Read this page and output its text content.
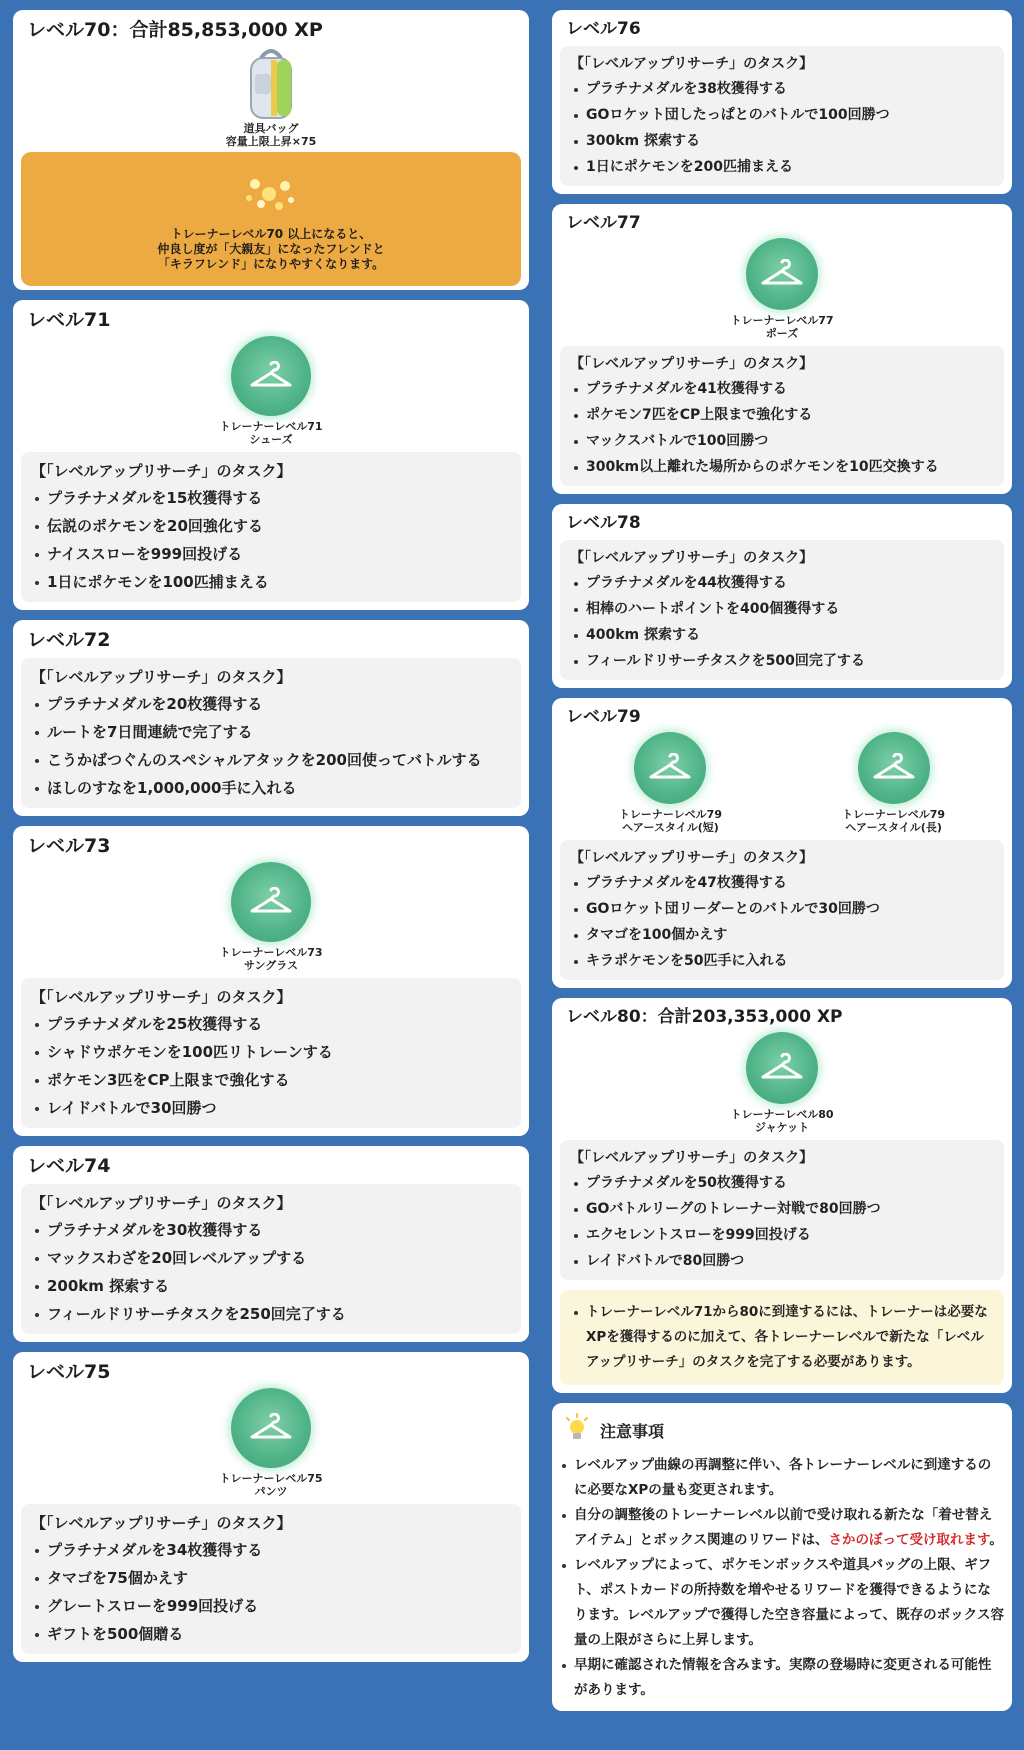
レベル70：合計85,853,000 XP
道具バッグ
容量上限上昇×75
トレーナーレベル70 以上になると、
仲良し度が「大親友」になったフレンドと
「キラフレンド」になりやすくなります。
レベル71
トレーナーレベル71
シューズ
【「レベルアップリサーチ」のタスク】
プラチナメダルを15枚獲得する
伝説のポケモンを20回強化する
ナイススローを999回投げる
1日にポケモンを100匹捕まえる
レベル72
【「レベルアップリサーチ」のタスク】
プラチナメダルを20枚獲得する
ルートを7日間連続で完了する
こうかばつぐんのスペシャルアタックを200回使ってバトルする
ほしのすなを1,000,000手に入れる
レベル73
トレーナーレベル73
サングラス
【「レベルアップリサーチ」のタスク】
プラチナメダルを25枚獲得する
シャドウポケモンを100匹リトレーンする
ポケモン3匹をCP上限まで強化する
レイドバトルで30回勝つ
レベル74
【「レベルアップリサーチ」のタスク】
プラチナメダルを30枚獲得する
マックスわざを20回レベルアップする
200km 探索する
フィールドリサーチタスクを250回完了する
レベル75
トレーナーレベル75
パンツ
【「レベルアップリサーチ」のタスク】
プラチナメダルを34枚獲得する
タマゴを75個かえす
グレートスローを999回投げる
ギフトを500個贈る
レベル76
【「レベルアップリサーチ」のタスク】
プラチナメダルを38枚獲得する
GOロケット団したっぱとのバトルで100回勝つ
300km 探索する
1日にポケモンを200匹捕まえる
レベル77
トレーナーレベル77
ポーズ
【「レベルアップリサーチ」のタスク】
プラチナメダルを41枚獲得する
ポケモン7匹をCP上限まで強化する
マックスバトルで100回勝つ
300km以上離れた場所からのポケモンを10匹交換する
レベル78
【「レベルアップリサーチ」のタスク】
プラチナメダルを44枚獲得する
相棒のハートポイントを400個獲得する
400km 探索する
フィールドリサーチタスクを500回完了する
レベル79
トレーナーレベル79
ヘアースタイル(短)
トレーナーレベル79
ヘアースタイル(長)
【「レベルアップリサーチ」のタスク】
プラチナメダルを47枚獲得する
GOロケット団リーダーとのバトルで30回勝つ
タマゴを100個かえす
キラポケモンを50匹手に入れる
レベル80：合計203,353,000 XP
トレーナーレベル80
ジャケット
【「レベルアップリサーチ」のタスク】
プラチナメダルを50枚獲得する
GOバトルリーグのトレーナー対戦で80回勝つ
エクセレントスローを999回投げる
レイドバトルで80回勝つ
トレーナーレベル71から80に到達するには、トレーナーは必要なXPを獲得するのに加えて、各トレーナーレベルで新たな「レベルアップリサーチ」のタスクを完了する必要があります。
注意事項
レベルアップ曲線の再調整に伴い、各トレーナーレベルに到達するのに必要なXPの量も変更されます。
自分の調整後のトレーナーレベル以前で受け取れる新たな「着せ替えアイテム」とボックス関連のリワードは、さかのぼって受け取れます。
レベルアップによって、ポケモンボックスや道具バッグの上限、ギフト、ポストカードの所持数を増やせるリワードを獲得できるようになります。レベルアップで獲得した空き容量によって、既存のボックス容量の上限がさらに上昇します。
早期に確認された情報を含みます。実際の登場時に変更される可能性があります。
